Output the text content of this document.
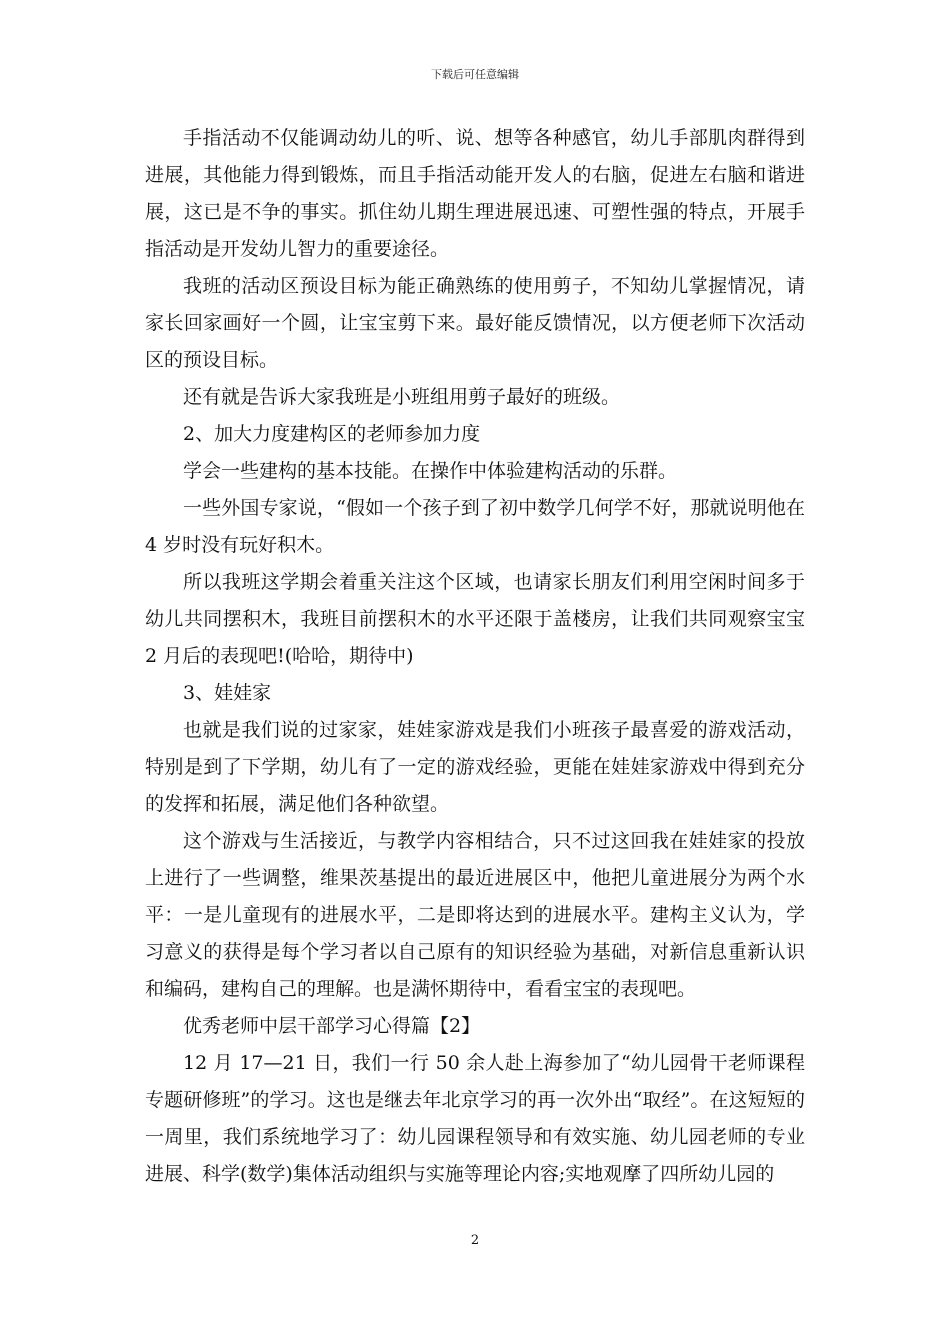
下载后可任意编辑

手指活动不仅能调动幼儿的听、说、想等各种感官，幼儿手部肌肉群得到进展，其他能力得到锻炼，而且手指活动能开发人的右脑，促进左右脑和谐进展，这已是不争的事实。抓住幼儿期生理进展迅速、可塑性强的特点，开展手指活动是开发幼儿智力的重要途径。

我班的活动区预设目标为能正确熟练的使用剪子，不知幼儿掌握情况，请家长回家画好一个圆，让宝宝剪下来。最好能反馈情况，以方便老师下次活动区的预设目标。

还有就是告诉大家我班是小班组用剪子最好的班级。

2、加大力度建构区的老师参加力度

学会一些建构的基本技能。在操作中体验建构活动的乐群。

一些外国专家说，“假如一个孩子到了初中数学几何学不好，那就说明他在 4 岁时没有玩好积木。

所以我班这学期会着重关注这个区域，也请家长朋友们利用空闲时间多于幼儿共同摆积木，我班目前摆积木的水平还限于盖楼房，让我们共同观察宝宝 2 月后的表现吧!(哈哈，期待中)

3、娃娃家

也就是我们说的过家家，娃娃家游戏是我们小班孩子最喜爱的游戏活动，特别是到了下学期，幼儿有了一定的游戏经验，更能在娃娃家游戏中得到充分的发挥和拓展，满足他们各种欲望。

这个游戏与生活接近，与教学内容相结合，只不过这回我在娃娃家的投放上进行了一些调整，维果茨基提出的最近进展区中，他把儿童进展分为两个水平：一是儿童现有的进展水平，二是即将达到的进展水平。建构主义认为，学习意义的获得是每个学习者以自己原有的知识经验为基础，对新信息重新认识和编码，建构自己的理解。也是满怀期待中，看看宝宝的表现吧。

优秀老师中层干部学习心得篇【2】

12 月 17—21 日，我们一行 50 余人赴上海参加了“幼儿园骨干老师课程专题研修班”的学习。这也是继去年北京学习的再一次外出“取经”。在这短短的一周里，我们系统地学习了：幼儿园课程领导和有效实施、幼儿园老师的专业进展、科学(数学)集体活动组织与实施等理论内容;实地观摩了四所幼儿园的

2
